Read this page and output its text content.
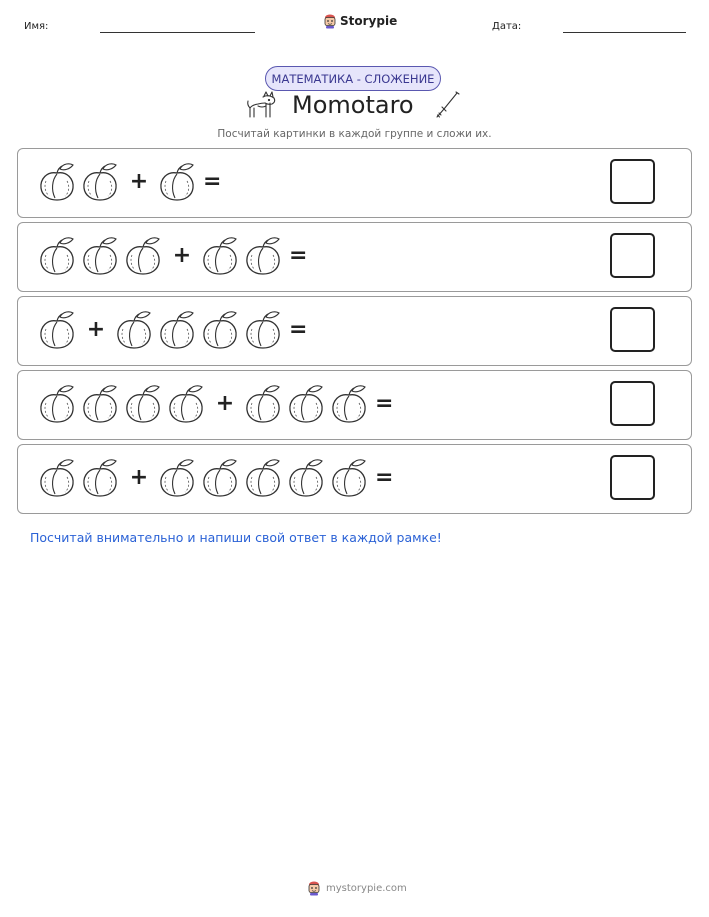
Имя:	Storypie	Дата:
МАТЕМАТИКА - СЛОЖЕНИЕ
Momotaro
Посчитай картинки в каждой группе и сложи их.
+ =
+	=
+	=
+	=
+	=
Посчитай внимательно и напиши свой ответ в каждой рамке!
mystorypie.com
